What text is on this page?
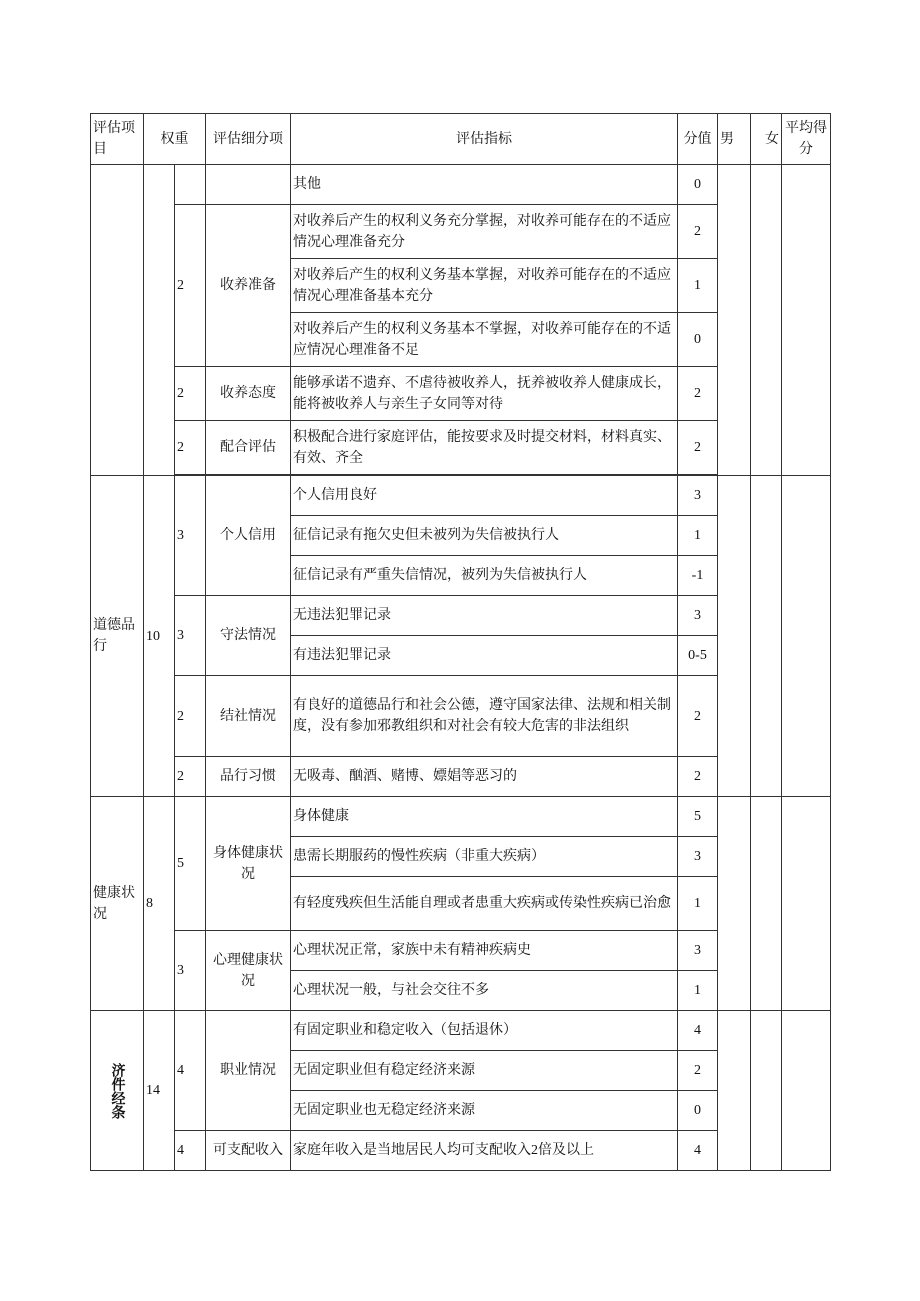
评估项目	权重		评估细分项	评估指标	分值	男	女	平均得分
				其他	0			
		2	收养准备	对收养后产生的权利义务充分掌握，对收养可能存在的不适应情况心理准备充分	2			
				对收养后产生的权利义务基本掌握，对收养可能存在的不适应情况心理准备基本充分	1			
				对收养后产生的权利义务基本不掌握，对收养可能存在的不适应情况心理准备不足	0			
		2	收养态度	能够承诺不遗弃、不虐待被收养人，抚养被收养人健康成长，能将被收养人与亲生子女同等对待	2			
		2	配合评估	积极配合进行家庭评估，能按要求及时提交材料，材料真实、有效、齐全	2			

道德品行	10	3	个人信用	个人信用良好	3			
				征信记录有拖欠史但未被列为失信被执行人	1			
				征信记录有严重失信情况，被列为失信被执行人	-1			
		3	守法情况	无违法犯罪记录	3			
				有违法犯罪记录	0-5			
		2	结社情况	有良好的道德品行和社会公德，遵守国家法律、法规和相关制度，没有参加邪教组织和对社会有较大危害的非法组织	2			
		2	品行习惯	无吸毒、酗酒、赌博、嫖娼等恶习的	2			
健康状况	8	5	身体健康状况	身体健康	5			
				患需长期服药的慢性疾病（非重大疾病）	3			
				有轻度残疾但生活能自理或者患重大疾病或传染性疾病已治愈	1			
		3	心理健康状况	心理状况正常，家族中未有精神疾病史	3			
				心理状况一般，与社会交往不多	1			

济件经条	14	4	职业情况	有固定职业和稳定收入（包括退休）	4			
				无固定职业但有稳定经济来源	2			
				无固定职业也无稳定经济来源	0			
		4	可支配收入	家庭年收入是当地居民人均可支配收入2倍及以上	4			
